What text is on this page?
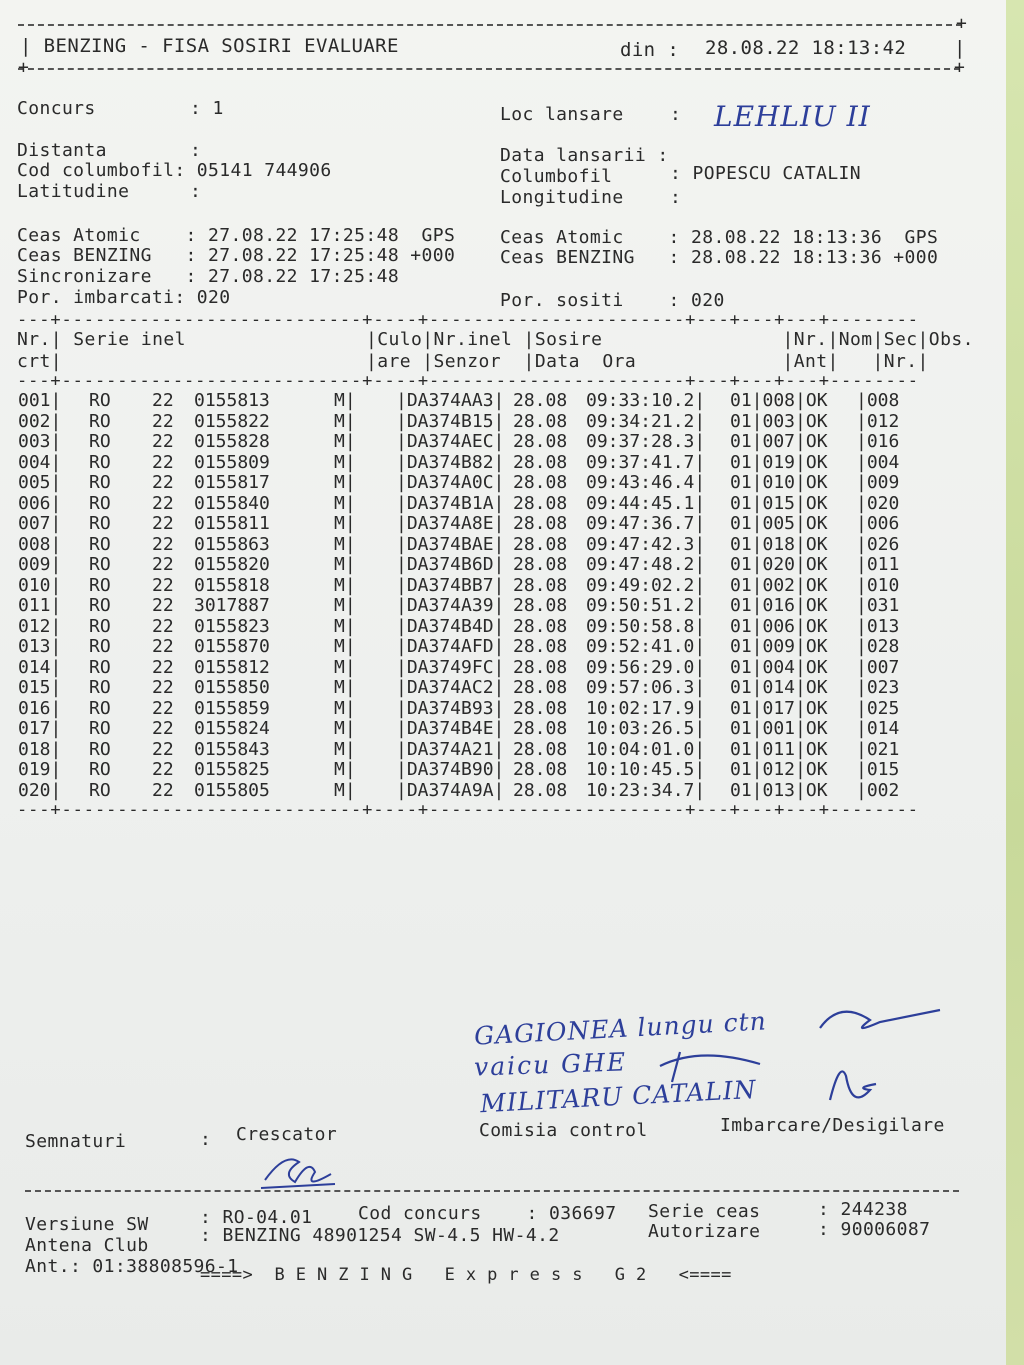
+
| BENZING - FISA SOSIRI EVALUARE	din : 28.08.22 18:13:42	|
+	+
Concurs	: 1	Loc lansare	: LEHLIU II
Distanta	:
Cod columbofil: 05141 744906
Latitudine	:
Data lansarii :
Columbofil	: POPESCU CATALIN
Longitudine	:
Ceas Atomic    : 27.08.22 17:25:48  GPS
Ceas BENZING   : 27.08.22 17:25:48 +000
Sincronizare   : 27.08.22 17:25:48
Por. imbarcati: 020
Ceas Atomic    : 28.08.22 18:13:36  GPS
Ceas BENZING   : 28.08.22 18:13:36 +000
Por. sositi    : 020
---+---------------------------+----+-----------------------+---+---+---+--------
Nr.| Serie inel                |Culo|Nr.inel |Sosire                |Nr.|Nom|Sec|Obs.
crt|                           |are |Senzor  |Data  Ora             |Ant|   |Nr.|
---+---------------------------+----+-----------------------+---+---+---+--------
001| RO 22 0155813	M| |DA374AA3| 28.08 09:33:10.2| 01|008|OK |008
002| RO 22 0155822	M| |DA374B15| 28.08 09:34:21.2| 01|003|OK |012
003| RO 22 0155828	M| |DA374AEC| 28.08 09:37:28.3| 01|007|OK |016
004| RO 22 0155809	M| |DA374B82| 28.08 09:37:41.7| 01|019|OK |004
005| RO 22 0155817	M| |DA374A0C| 28.08 09:43:46.4| 01|010|OK |009
006| RO 22 0155840	M| |DA374B1A| 28.08 09:44:45.1| 01|015|OK |020
007| RO 22 0155811	M| |DA374A8E| 28.08 09:47:36.7| 01|005|OK |006
008| RO 22 0155863	M| |DA374BAE| 28.08 09:47:42.3| 01|018|OK |026
009| RO 22 0155820	M| |DA374B6D| 28.08 09:47:48.2| 01|020|OK |011
010| RO 22 0155818	M| |DA374BB7| 28.08 09:49:02.2| 01|002|OK |010
011| RO 22 3017887	M| |DA374A39| 28.08 09:50:51.2| 01|016|OK |031
012| RO 22 0155823	M| |DA374B4D| 28.08 09:50:58.8| 01|006|OK |013
013| RO 22 0155870	M| |DA374AFD| 28.08 09:52:41.0| 01|009|OK |028
014| RO 22 0155812	M| |DA3749FC| 28.08 09:56:29.0| 01|004|OK |007
015| RO 22 0155850	M| |DA374AC2| 28.08 09:57:06.3| 01|014|OK |023
016| RO 22 0155859	M| |DA374B93| 28.08 10:02:17.9| 01|017|OK |025
017| RO 22 0155824	M| |DA374B4E| 28.08 10:03:26.5| 01|001|OK |014
018| RO 22 0155843	M| |DA374A21| 28.08 10:04:01.0| 01|011|OK |021
019| RO 22 0155825	M| |DA374B90| 28.08 10:10:45.5| 01|012|OK |015
020| RO 22 0155805	M| |DA374A9A| 28.08 10:23:34.7| 01|013|OK |002
---+---------------------------+----+-----------------------+---+---+---+--------
GAGIONEA lungu ctn
vaicu GHE
MILITARU CATALIN
Semnaturi	: Crescator	Comisia control	Imbarcare/Desigilare
Versiune SW	: RO-04.01	Cod concurs    : 036697 Serie ceas	: 244238
Antena Club	: BENZING 48901254 SW-4.5 HW-4.2	Autorizare	: 90006087
Ant.: 01:38808596-1
====>  B E N Z I N G   E x p r e s s   G 2   <====
